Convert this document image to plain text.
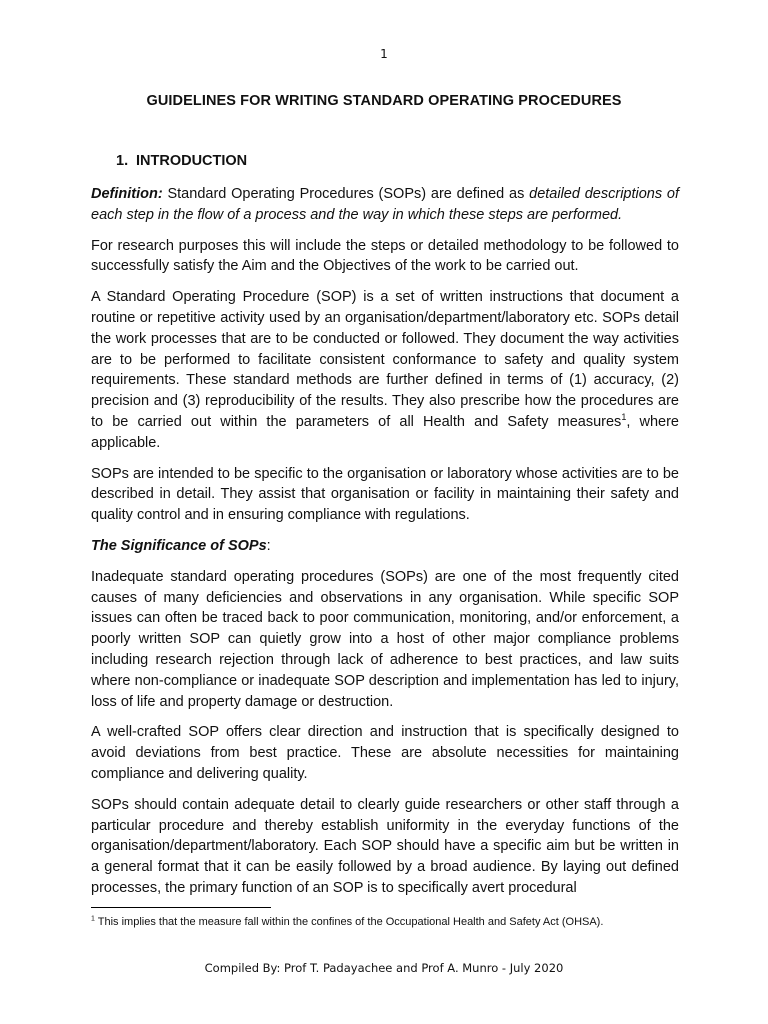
1
GUIDELINES FOR WRITING STANDARD OPERATING PROCEDURES
1. INTRODUCTION

Definition: Standard Operating Procedures (SOPs) are defined as detailed descriptions of each step in the flow of a process and the way in which these steps are performed.

For research purposes this will include the steps or detailed methodology to be followed to successfully satisfy the Aim and the Objectives of the work to be carried out.

A Standard Operating Procedure (SOP) is a set of written instructions that document a routine or repetitive activity used by an organisation/department/laboratory etc. SOPs detail the work processes that are to be conducted or followed. They document the way activities are to be performed to facilitate consistent conformance to safety and quality system requirements. These standard methods are further defined in terms of (1) accuracy, (2) precision and (3) reproducibility of the results. They also prescribe how the procedures are to be carried out within the parameters of all Health and Safety measures$^1$, where applicable.

SOPs are intended to be specific to the organisation or laboratory whose activities are to be described in detail. They assist that organisation or facility in maintaining their safety and quality control and in ensuring compliance with regulations.

The Significance of SOPs:

Inadequate standard operating procedures (SOPs) are one of the most frequently cited causes of many deficiencies and observations in any organisation. While specific SOP issues can often be traced back to poor communication, monitoring, and/or enforcement, a poorly written SOP can quietly grow into a host of other major compliance problems including research rejection through lack of adherence to best practices, and law suits where non-compliance or inadequate SOP description and implementation has led to injury, loss of life and property damage or destruction.

A well-crafted SOP offers clear direction and instruction that is specifically designed to avoid deviations from best practice. These are absolute necessities for maintaining compliance and delivering quality.

SOPs should contain adequate detail to clearly guide researchers or other staff through a particular procedure and thereby establish uniformity in the everyday functions of the organisation/department/laboratory. Each SOP should have a specific aim but be written in a general format that it can be easily followed by a broad audience. By laying out defined processes, the primary function of an SOP is to specifically avert procedural

$^1$ This implies that the measure fall within the confines of the Occupational Health and Safety Act (OHSA).
Compiled By: Prof T. Padayachee and Prof A. Munro - July 2020
